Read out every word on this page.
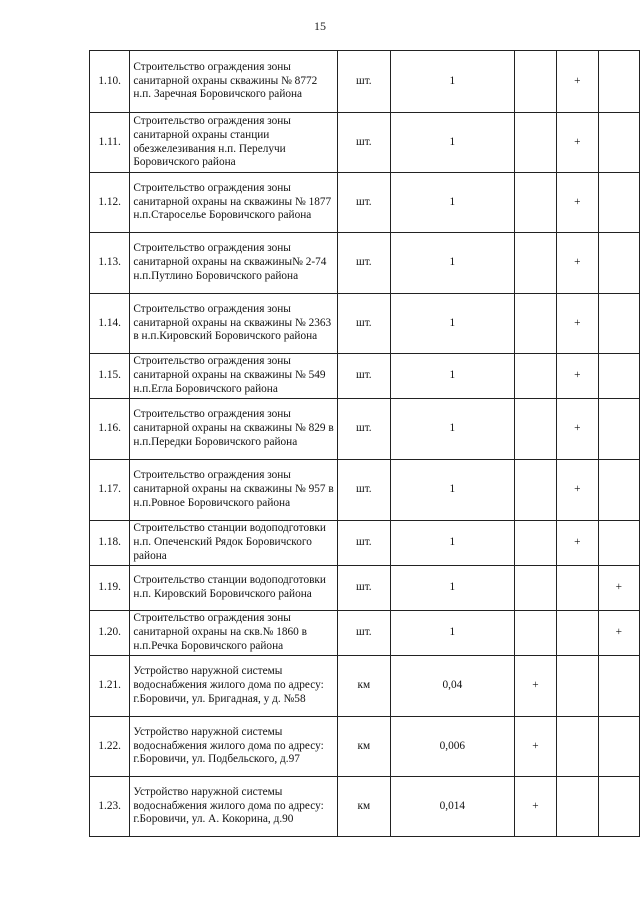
15
1.10.	Строительство ограждения зоны санитарной охраны скважины № 8772 н.п. Заречная Боровичского района	шт.	1		+	
1.11.	Строительство ограждения зоны санитарной охраны станции обезжелезивания н.п. Перелучи Боровичского района	шт.	1		+	
1.12.	Строительство ограждения зоны санитарной охраны на скважины № 1877 н.п.Староселье Боровичского района	шт.	1		+	
1.13.	Строительство ограждения зоны санитарной охраны на скважины№ 2-74 н.п.Путлино Боровичского района	шт.	1		+	
1.14.	Строительство ограждения зоны санитарной охраны на скважины № 2363 в н.п.Кировский Боровичского района	шт.	1		+	
1.15.	Строительство ограждения зоны санитарной охраны на скважины № 549 н.п.Егла Боровичского района	шт.	1		+	
1.16.	Строительство ограждения зоны санитарной охраны на скважины № 829 в н.п.Передки Боровичского района	шт.	1		+	
1.17.	Строительство ограждения зоны санитарной охраны на скважины № 957 в н.п.Ровное Боровичского района	шт.	1		+	
1.18.	Строительство станции водоподготовки н.п. Опеченский Рядок Боровичского района	шт.	1		+	
1.19.	Строительство станции водоподготовки н.п. Кировский Боровичского района	шт.	1			+
1.20.	Строительство ограждения зоны санитарной охраны на скв.№ 1860 в н.п.Речка Боровичского района	шт.	1			+
1.21.	Устройство наружной системы водоснабжения жилого дома по адресу: г.Боровичи, ул. Бригадная, у д. №58	км	0,04	+		
1.22.	Устройство наружной системы водоснабжения жилого дома по адресу: г.Боровичи, ул. Подбельского, д.97	км	0,006	+		
1.23.	Устройство наружной системы водоснабжения жилого дома по адресу: г.Боровичи, ул. А. Кокорина, д.90	км	0,014	+		
